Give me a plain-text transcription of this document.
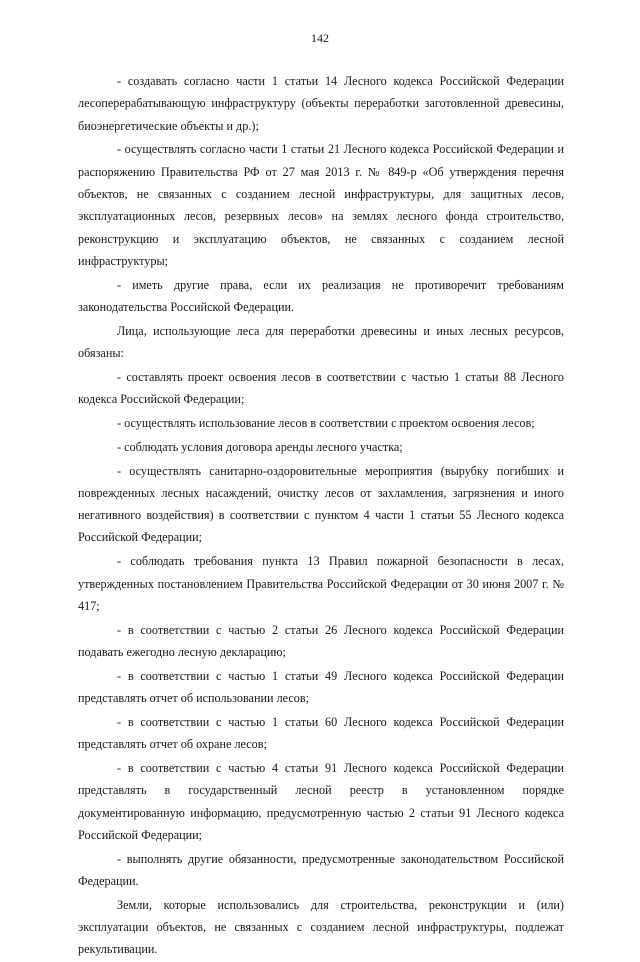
142

- создавать согласно части 1 статьи 14 Лесного кодекса Российской Федерации лесоперерабатывающую инфраструктуру (объекты переработки заготовленной древесины, биоэнергетические объекты и др.);

- осуществлять согласно части 1 статьи 21 Лесного кодекса Российской Федерации и распоряжению Правительства РФ от 27 мая 2013 г. № 849-р «Об утверждения перечня объектов, не связанных с созданием лесной инфраструктуры, для защитных лесов, эксплуатационных лесов, резервных лесов» на землях лесного фонда строительство, реконструкцию и эксплуатацию объектов, не связанных с созданием лесной инфраструктуры;

- иметь другие права, если их реализация не противоречит требованиям законодательства Российской Федерации.

Лица, использующие леса для переработки древесины и иных лесных ресурсов, обязаны:

- составлять проект освоения лесов в соответствии с частью 1 статьи 88 Лесного кодекса Российской Федерации;

- осуществлять использование лесов в соответствии с проектом освоения лесов;

- соблюдать условия договора аренды лесного участка;

- осуществлять санитарно-оздоровительные мероприятия (вырубку погибших и поврежденных лесных насаждений, очистку лесов от захламления, загрязнения и иного негативного воздействия) в соответствии с пунктом 4 части 1 статьи 55 Лесного кодекса Российской Федерации;

- соблюдать требования пункта 13 Правил пожарной безопасности в лесах, утвержденных постановлением Правительства Российской Федерации от 30 июня 2007 г. № 417;

- в соответствии с частью 2 статьи 26 Лесного кодекса Российской Федерации подавать ежегодно лесную декларацию;

- в соответствии с частью 1 статьи 49 Лесного кодекса Российской Федерации представлять отчет об использовании лесов;

- в соответствии с частью 1 статьи 60 Лесного кодекса Российской Федерации представлять отчет об охране лесов;

- в соответствии с частью 4 статьи 91 Лесного кодекса Российской Федерации представлять в государственный лесной реестр в установленном порядке документированную информацию, предусмотренную частью 2 статьи 91 Лесного кодекса Российской Федерации;

- выполнять другие обязанности, предусмотренные законодательством Российской Федерации.

Земли, которые использовались для строительства, реконструкции и (или) эксплуатации объектов, не связанных с созданием лесной инфраструктуры, подлежат рекультивации.
